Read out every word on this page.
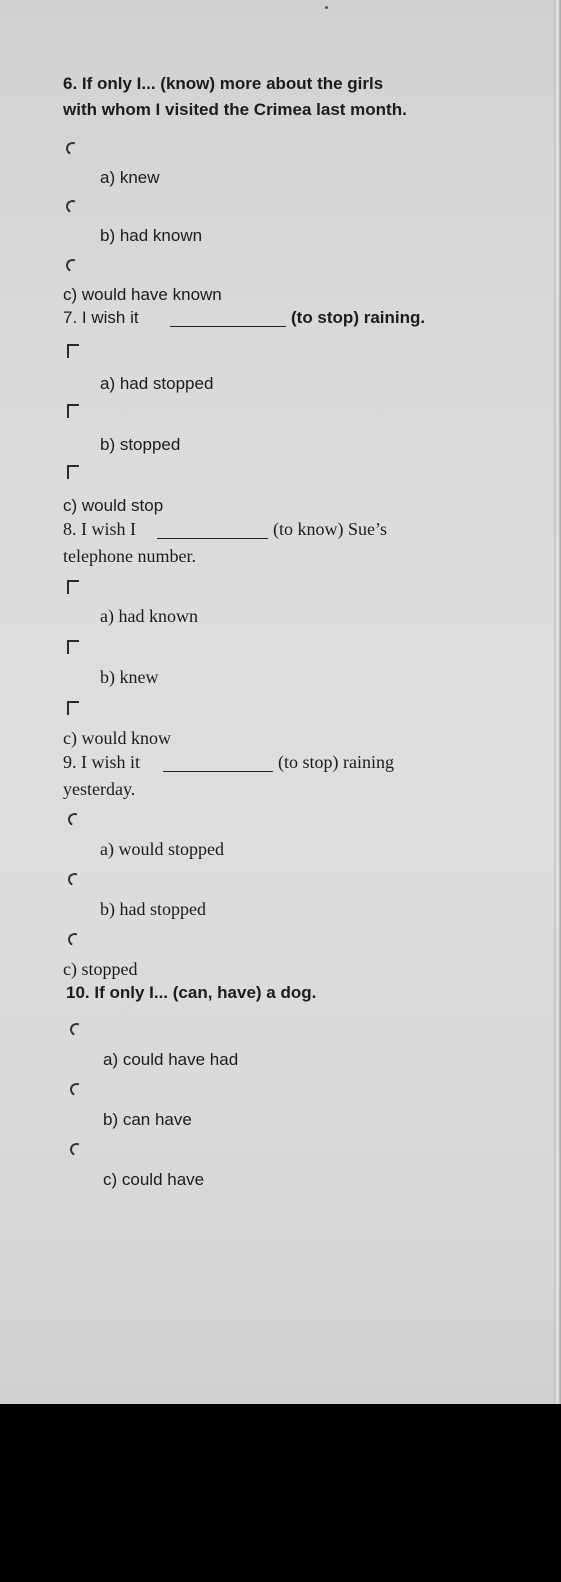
6. If only I... (know) more about the girls
with whom I visited the Crimea last month.
a) knew
b) had known
c) would have known
7. I wish it	(to stop) raining.
a) had stopped
b) stopped
c) would stop
8. I wish I	(to know) Sue’s
telephone number.
a) had known
b) knew
c) would know
9. I wish it	(to stop) raining
yesterday.
a) would stopped
b) had stopped
c) stopped
10. If only I... (can, have) a dog.
a) could have had
b) can have
c) could have
